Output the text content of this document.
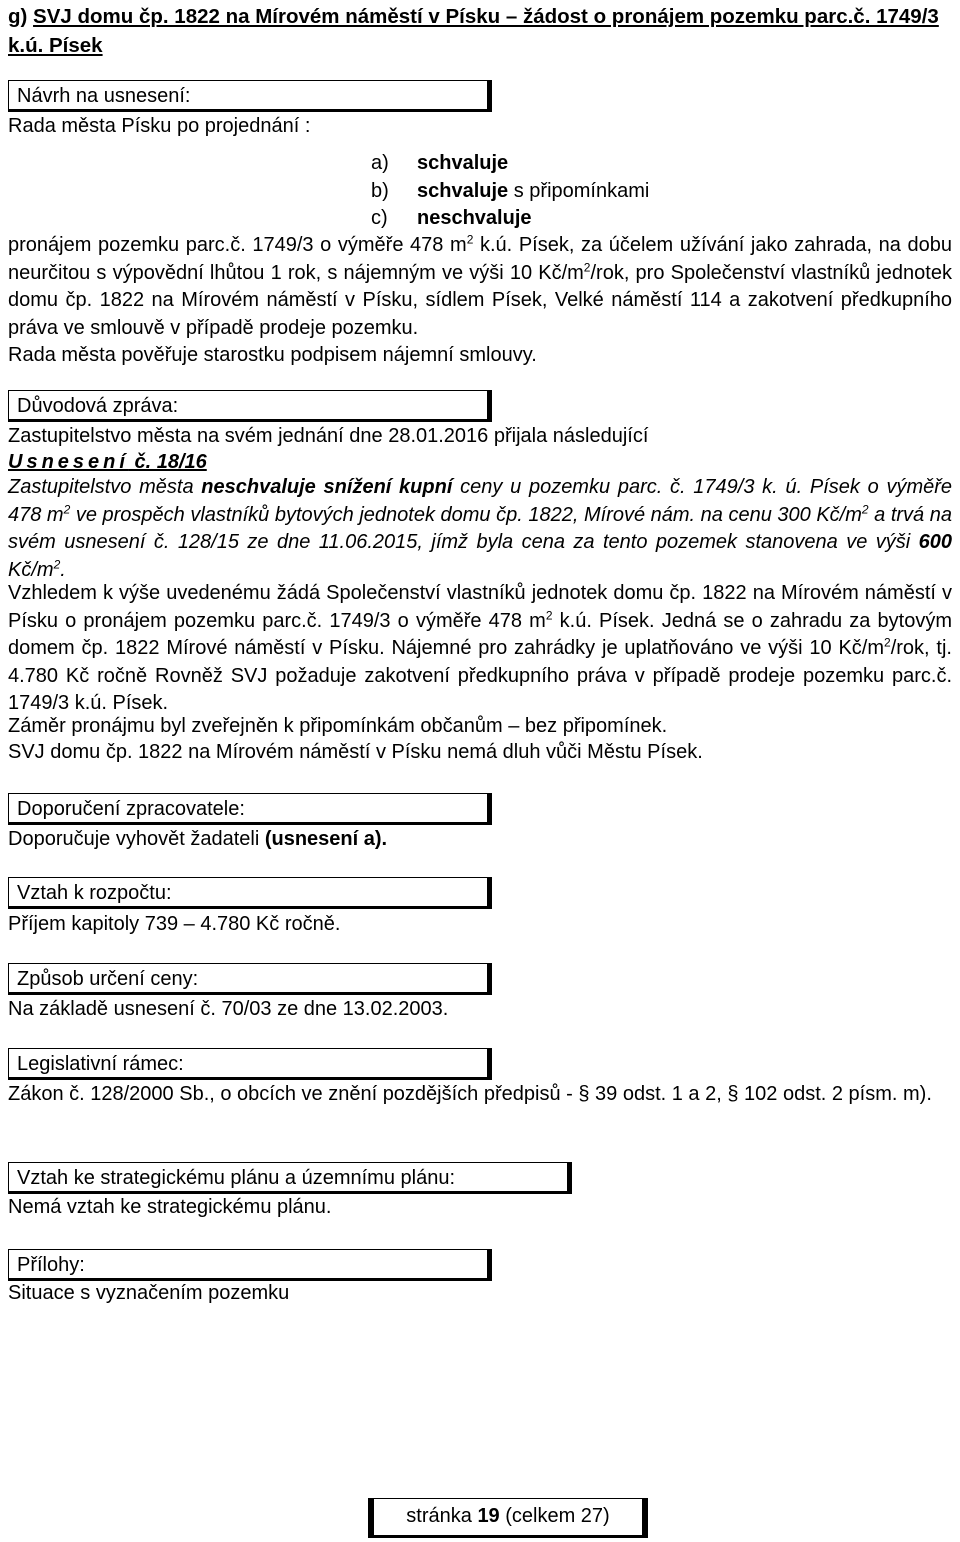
g) SVJ domu čp. 1822 na Mírovém náměstí v Písku – žádost o pronájem pozemku parc.č. 1749/3 k.ú. Písek
Návrh na usnesení:

Rada města Písku po projednání :

a) schvaluje
b) schvaluje s připomínkami
c) neschvaluje

pronájem pozemku parc.č. 1749/3 o výměře 478 $m^2$ k.ú. Písek, za účelem užívání jako zahrada, na dobu neurčitou s výpovědní lhůtou 1 rok, s nájemným ve výši 10 $Kč/m^2$/rok, pro Společenství vlastníků jednotek domu čp. 1822 na Mírovém náměstí v Písku, sídlem Písek, Velké náměstí 114 a zakotvení předkupního práva ve smlouvě v případě prodeje pozemku.

Rada města pověřuje starostku podpisem nájemní smlouvy.

Důvodová zpráva:

Zastupitelstvo města na svém jednání dne 28.01.2016 přijala následující

Usnesení č. 18/16

Zastupitelstvo města neschvaluje snížení kupní ceny u pozemku parc. č. 1749/3 k. ú. Písek o výměře 478 $m^2$ ve prospěch vlastníků bytových jednotek domu čp. 1822, Mírové nám. na cenu 300 $Kč/m^2$ a trvá na svém usnesení č. 128/15 ze dne 11.06.2015, jímž byla cena za tento pozemek stanovena ve výši 600 $Kč/m^2$.

Vzhledem k výše uvedenému žádá Společenství vlastníků jednotek domu čp. 1822 na Mírovém náměstí v Písku o pronájem pozemku parc.č. 1749/3 o výměře 478 $m^2$ k.ú. Písek. Jedná se o zahradu za bytovým domem čp. 1822 Mírové náměstí v Písku. Nájemné pro zahrádky je uplatňováno ve výši 10 $Kč/m^2$/rok, tj. 4.780 Kč ročně Rovněž SVJ požaduje zakotvení předkupního práva v případě prodeje pozemku parc.č. 1749/3 k.ú. Písek.

Záměr pronájmu byl zveřejněn k připomínkám občanům – bez připomínek.

SVJ domu čp. 1822 na Mírovém náměstí v Písku nemá dluh vůči Městu Písek.

Doporučení zpracovatele:

Doporučuje vyhovět žadateli (usnesení a).

Vztah k rozpočtu:

Příjem kapitoly 739 – 4.780 Kč ročně.

Způsob určení ceny:

Na základě usnesení č. 70/03 ze dne 13.02.2003.

Legislativní rámec:

Zákon č. 128/2000 Sb., o obcích ve znění pozdějších předpisů - § 39 odst. 1 a 2, § 102 odst. 2 písm. m).

Vztah ke strategickému plánu a územnímu plánu:

Nemá vztah ke strategickému plánu.

Přílohy:

Situace s vyznačením pozemku

stránka 19 (celkem 27)
